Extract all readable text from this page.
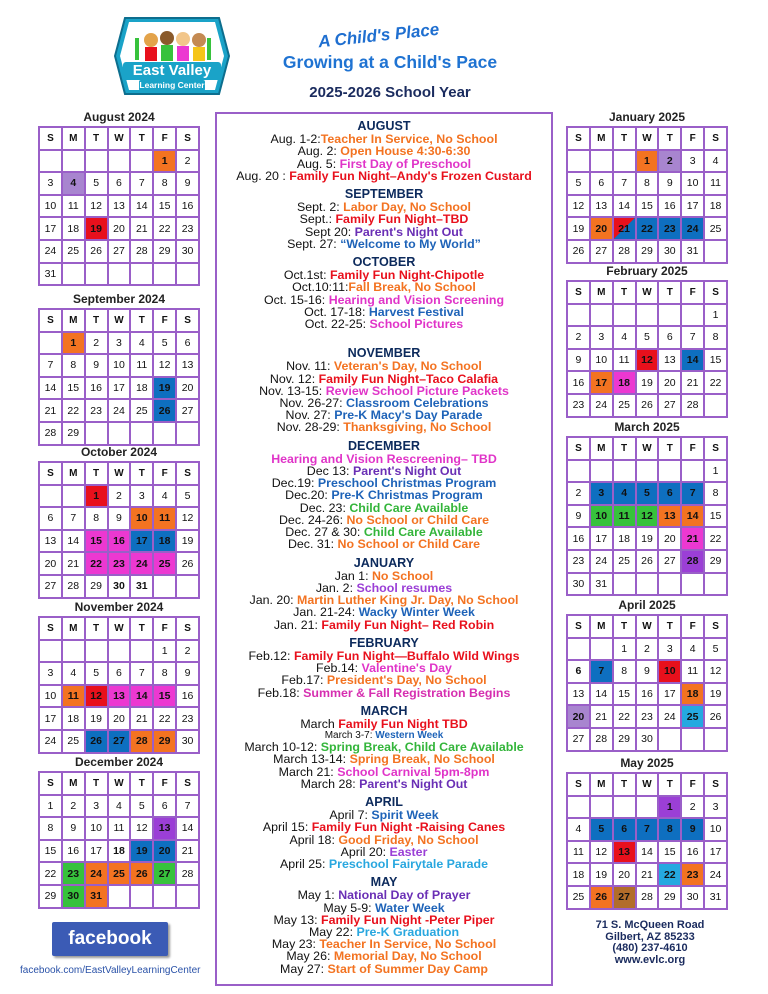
East Valley
Learning Center
A Child's Place
Growing at a Child's Pace
2025-2026 School Year
August 2024
S	M	T	W	T	F	S
					1	2
3	4	5	6	7	8	9
10	11	12	13	14	15	16
17	18	19	20	21	22	23
24	25	26	27	28	29	30
31						
September 2024
S	M	T	W	T	F	S
	1	2	3	4	5	6
7	8	9	10	11	12	13
14	15	16	17	18	19	20
21	22	23	24	25	26	27
28	29					
October 2024
S	M	T	W	T	F	S
		1	2	3	4	5
6	7	8	9	10	11	12
13	14	15	16	17	18	19
20	21	22	23	24	25	26
27	28	29	30	31		
November 2024
S	M	T	W	T	F	S
					1	2
3	4	5	6	7	8	9
10	11	12	13	14	15	16
17	18	19	20	21	22	23
24	25	26	27	28	29	30
December 2024
S	M	T	W	T	F	S
1	2	3	4	5	6	7
8	9	10	11	12	13	14
15	16	17	18	19	20	21
22	23	24	25	26	27	28
29	30	31				
January 2025
S	M	T	W	T	F	S
			1	2	3	4
5	6	7	8	9	10	11
12	13	14	15	16	17	18
19	20	21	22	23	24	25
26	27	28	29	30	31	
February 2025
S	M	T	W	T	F	S
						1
2	3	4	5	6	7	8
9	10	11	12	13	14	15
16	17	18	19	20	21	22
23	24	25	26	27	28	
March 2025
S	M	T	W	T	F	S
						1
2	3	4	5	6	7	8
9	10	11	12	13	14	15
16	17	18	19	20	21	22
23	24	25	26	27	28	29
30	31					
April 2025
S	M	T	W	T	F	S
		1	2	3	4	5
6	7	8	9	10	11	12
13	14	15	16	17	18	19
20	21	22	23	24	25	26
27	28	29	30			
May 2025
S	M	T	W	T	F	S
				1	2	3
4	5	6	7	8	9	10
11	12	13	14	15	16	17
18	19	20	21	22	23	24
25	26	27	28	29	30	31
AUGUST
Aug. 1-2:Teacher In Service, No School
Aug. 2: Open House 4:30-6:30
Aug. 5: First Day of Preschool
Aug. 20 : Family Fun Night–Andy's Frozen Custard
SEPTEMBER
Sept. 2: Labor Day, No School
Sept.: Family Fun Night–TBD
Sept 20: Parent's Night Out
Sept. 27: “Welcome to My World”
OCTOBER
Oct.1st: Family Fun Night-Chipotle
Oct.10:11:Fall Break, No School
Oct. 15-16: Hearing and Vision Screening
Oct. 17-18: Harvest Festival
Oct. 22-25: School Pictures
NOVEMBER
Nov. 11: Veteran's Day, No School
Nov. 12: Family Fun Night–Taco Calafia
Nov. 13-15: Review School Picture Packets
Nov. 26-27: Classroom Celebrations
Nov. 27: Pre-K Macy's Day Parade
Nov. 28-29: Thanksgiving, No School
DECEMBER
Hearing and Vision Rescreening– TBD
Dec 13: Parent's Night Out
Dec.19: Preschool Christmas Program
Dec.20: Pre-K Christmas Program
Dec. 23: Child Care Available
Dec. 24-26: No School or Child Care
Dec. 27 & 30: Child Care Available
Dec. 31: No School or Child Care
JANUARY
Jan 1: No School
Jan. 2: School resumes
Jan. 20: Martin Luther King Jr. Day, No School
Jan. 21-24: Wacky Winter Week
Jan. 21: Family Fun Night– Red Robin
FEBRUARY
Feb.12: Family Fun Night—Buffalo Wild Wings
Feb.14: Valentine's Day
Feb.17: President's Day, No School
Feb.18: Summer & Fall Registration Begins
MARCH
March Family Fun Night TBD
March 3-7: Western Week
March 10-12: Spring Break, Child Care Available
March 13-14: Spring Break, No School
March 21: School Carnival 5pm-8pm
March 28: Parent's Night Out
APRIL
April 7: Spirit Week
April 15: Family Fun Night -Raising Canes
April 18: Good Friday, No School
April 20: Easter
April 25: Preschool Fairytale Parade
MAY
May 1: National Day of Prayer
May 5-9: Water Week
May 13: Family Fun Night -Peter Piper
May 22: Pre-K Graduation
May 23: Teacher In Service, No School
May 26: Memorial Day, No School
May 27: Start of Summer Day Camp
facebook
facebook.com/EastValleyLearningCenter
71 S. McQueen Road
Gilbert, AZ 85233
(480) 237-4610
www.evlc.org
